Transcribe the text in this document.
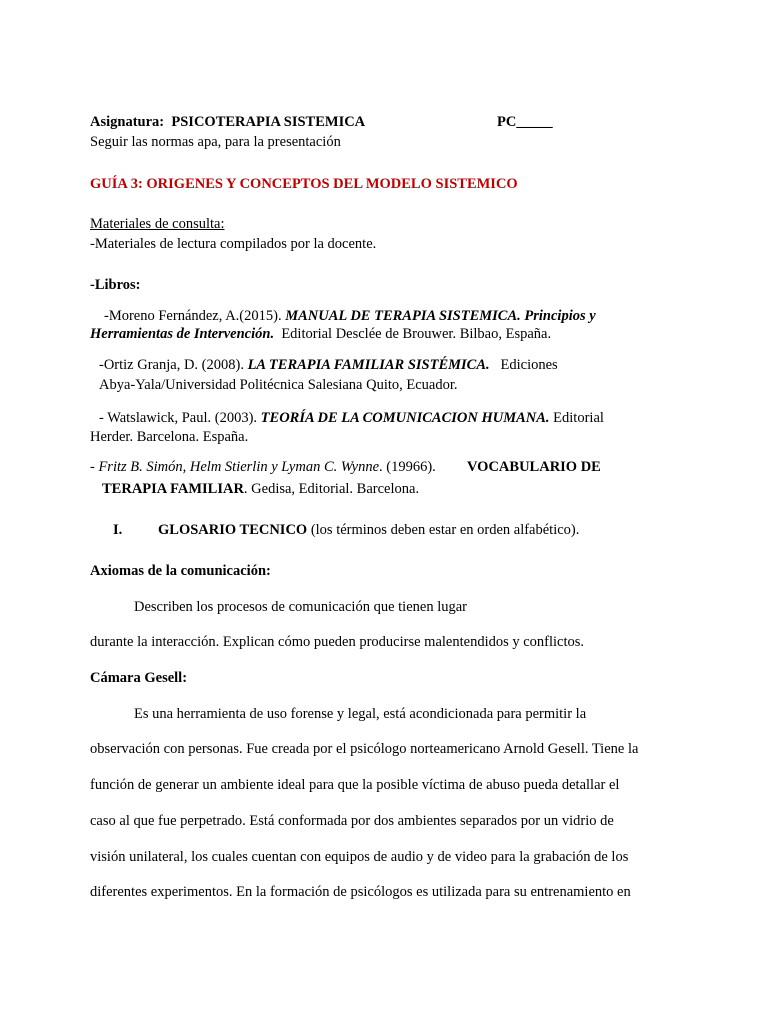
Asignatura: PSICOTERAPIA SISTEMICA	PC_____
Seguir las normas apa, para la presentación
GUÍA 3: ORIGENES Y CONCEPTOS DEL MODELO SISTEMICO
Materiales de consulta:
-Materiales de lectura compilados por la docente.
-Libros:
-Moreno Fernández, A.(2015). MANUAL DE TERAPIA SISTEMICA. Principios y
Herramientas de Intervención. Editorial Desclée de Brouwer. Bilbao, España.
-Ortiz Granja, D. (2008). LA TERAPIA FAMILIAR SISTÉMICA. Ediciones
Abya-Yala/Universidad Politécnica Salesiana Quito, Ecuador.
- Watslawick, Paul. (2003). TEORÍA DE LA COMUNICACION HUMANA. Editorial
Herder. Barcelona. España.
- Fritz B. Simón, Helm Stierlin y Lyman C. Wynne. (19966). VOCABULARIO DE
TERAPIA FAMILIAR. Gedisa, Editorial. Barcelona.
I. GLOSARIO TECNICO (los términos deben estar en orden alfabético).
Axiomas de la comunicación:
Describen los procesos de comunicación que tienen lugar
durante la interacción. Explican cómo pueden producirse malentendidos y conflictos.
Cámara Gesell:
Es una herramienta de uso forense y legal, está acondicionada para permitir la
observación con personas. Fue creada por el psicólogo norteamericano Arnold Gesell. Tiene la
función de generar un ambiente ideal para que la posible víctima de abuso pueda detallar el
caso al que fue perpetrado. Está conformada por dos ambientes separados por un vidrio de
visión unilateral, los cuales cuentan con equipos de audio y de video para la grabación de los
diferentes experimentos. En la formación de psicólogos es utilizada para su entrenamiento en
